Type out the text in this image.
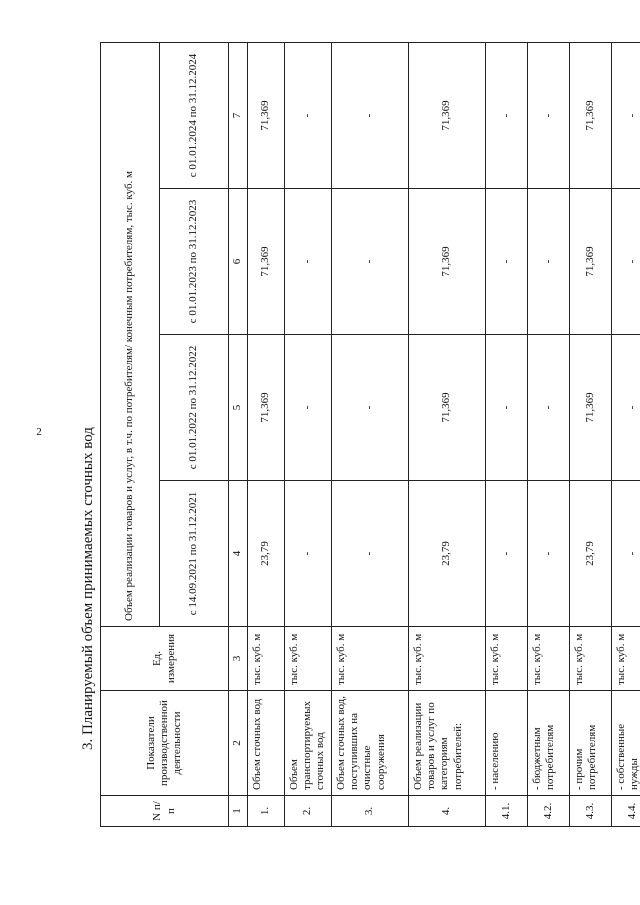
2	3. Планируемый объем принимаемых сточных вод
N п/п	Показатели производственной деятельности	Ед. измерения	Объем реализации товаров и услуг, в т.ч. по потребителям/ конечным потребителям, тыс. куб. м			
			с 14.09.2021 по 31.12.2021	с 01.01.2022 по 31.12.2022	с 01.01.2023 по 31.12.2023	с 01.01.2024 по 31.12.2024
1	2	3	4	5	6	7
1.	Объем сточных вод	тыс. куб. м	23,79	71,369	71,369	71,369
2.	Объем транспортируемых сточных вод	тыс. куб. м	-	-	-	-
3.	Объем сточных вод, поступивших на очистные сооружения	тыс. куб. м	-	-	-	-
4.	Объем реализации товаров и услуг по категориям потребителей:	тыс. куб. м	23,79	71,369	71,369	71,369
4.1.	- населению	тыс. куб. м	-	-	-	-
4.2.	- бюджетным потребителям	тыс. куб. м	-	-	-	-
4.3.	- прочим потребителям	тыс. куб. м	23,79	71,369	71,369	71,369
4.4.	- собственные нужды	тыс. куб. м	-	-	-	-
